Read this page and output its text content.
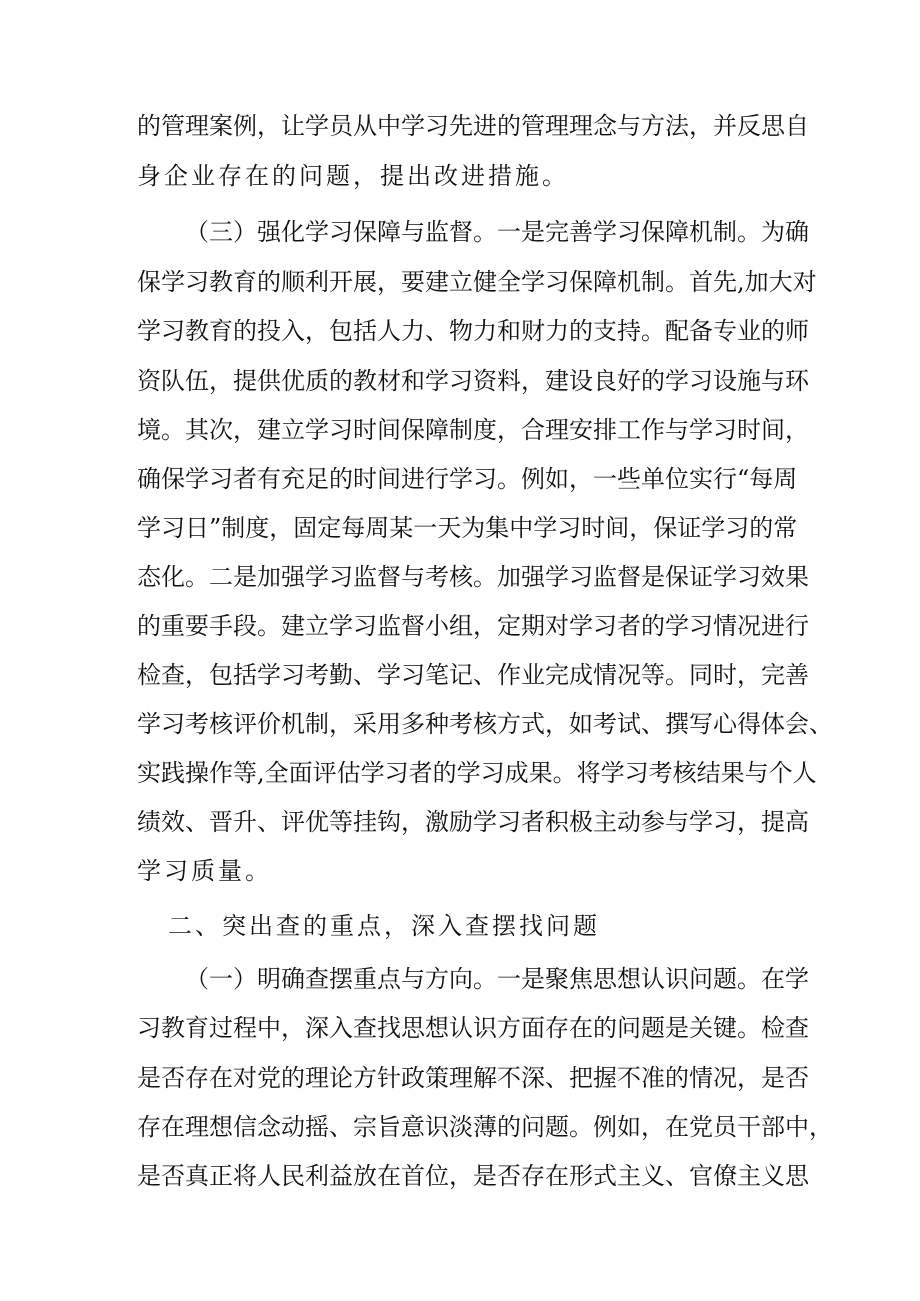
的 管 理 案 例 ， 让 学 员 从 中 学 习 先 进 的 管 理 理 念 与 方 法 ， 并 反 思 自
身企业存在的问题，提出改进措施。
（ 三 ） 强 化 学 习 保 障 与 监 督 。 一 是 完 善 学 习 保 障 机 制 。 为 确
保 学 习 教 育 的 顺 利 开 展 ， 要 建 立 健 全 学 习 保 障 机 制 。 首 先 , 加 大 对
学 习 教 育 的 投 入 ， 包 括 人 力 、 物 力 和 财 力 的 支 持 。 配 备 专 业 的 师
资 队 伍 ， 提 供 优 质 的 教 材 和 学 习 资 料 ， 建 设 良 好 的 学 习 设 施 与 环
境 。 其 次 ， 建 立 学 习 时 间 保 障 制 度 ， 合 理 安 排 工 作 与 学 习 时 间 ，
确 保 学 习 者 有 充 足 的 时 间 进 行 学 习 。 例 如 ， 一 些 单 位 实 行 “ 每 周
学 习 日 ” 制 度 ， 固 定 每 周 某 一 天 为 集 中 学 习 时 间 ， 保 证 学 习 的 常
态 化 。 二 是 加 强 学 习 监 督 与 考 核 。 加 强 学 习 监 督 是 保 证 学 习 效 果
的 重 要 手 段 。 建 立 学 习 监 督 小 组 ， 定 期 对 学 习 者 的 学 习 情 况 进 行
检 查 ， 包 括 学 习 考 勤 、 学 习 笔 记 、 作 业 完 成 情 况 等 。 同 时 ， 完 善
学 习 考 核 评 价 机 制 ， 采 用 多 种 考 核 方 式 ， 如 考 试 、 撰 写 心 得 体 会 、
实 践 操 作 等 , 全 面 评 估 学 习 者 的 学 习 成 果 。 将 学 习 考 核 结 果 与 个 人
绩 效 、 晋 升 、 评 优 等 挂 钩 ， 激 励 学 习 者 积 极 主 动 参 与 学 习 ， 提 高
学习质量。
二、突出查的重点，深入查摆找问题
（ 一 ） 明 确 查 摆 重 点 与 方 向 。 一 是 聚 焦 思 想 认 识 问 题 。 在 学
习 教 育 过 程 中 ， 深 入 查 找 思 想 认 识 方 面 存 在 的 问 题 是 关 键 。 检 查
是 否 存 在 对 党 的 理 论 方 针 政 策 理 解 不 深 、 把 握 不 准 的 情 况 ， 是 否
存 在 理 想 信 念 动 摇 、 宗 旨 意 识 淡 薄 的 问 题 。 例 如 ， 在 党 员 干 部 中 ，
是 否 真 正 将 人 民 利 益 放 在 首 位 ， 是 否 存 在 形 式 主 义 、 官 僚 主 义 思
